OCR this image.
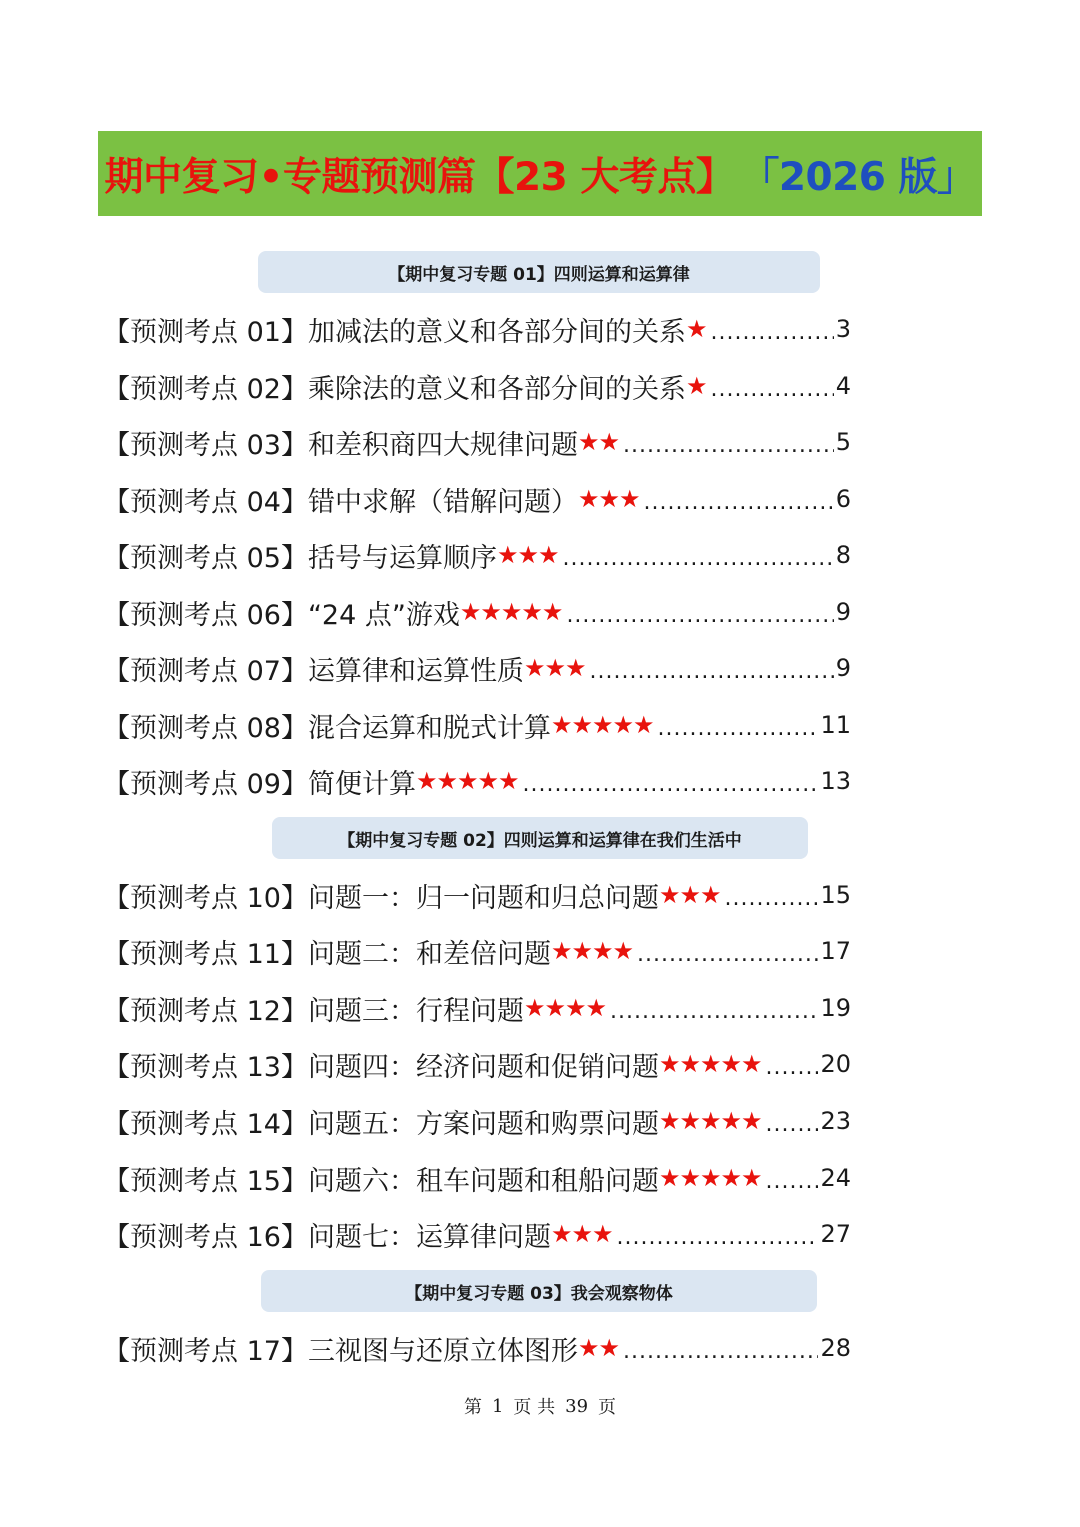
期中复习•专题预测篇【23 大考点】 「2026 版」
【期中复习专题 01】四则运算和运算律
【期中复习专题 02】四则运算和运算律在我们生活中
【期中复习专题 03】我会观察物体
【预测考点 01】加减法的意义和各部分间的关系 ★ .....	3
【预测考点 02】乘除法的意义和各部分间的关系 ★ .....	4
【预测考点 03】和差积商四大规律问题 ★★ .....	5
【预测考点 04】错中求解（错解问题） ★★★ .....	6
【预测考点 05】括号与运算顺序 ★★★ .....	8
【预测考点 06】“24 点”游戏 ★★★★★ .....	9
【预测考点 07】运算律和运算性质 ★★★ .....	9
【预测考点 08】混合运算和脱式计算 ★★★★★ .....	11
【预测考点 09】简便计算 ★★★★★ .....	13
【预测考点 10】问题一：归一问题和归总问题 ★★★ .....	15
【预测考点 11】问题二：和差倍问题 ★★★★ .....	17
【预测考点 12】问题三：行程问题 ★★★★ .....	19
【预测考点 13】问题四：经济问题和促销问题 ★★★★★ ..... 20
【预测考点 14】问题五：方案问题和购票问题 ★★★★★ ..... 23
【预测考点 15】问题六：租车问题和租船问题 ★★★★★ ..... 24
【预测考点 16】问题七：运算律问题 ★★★ .....	27
【预测考点 17】三视图与还原立体图形 ★★ .....	28
第 1 页 共 39 页
